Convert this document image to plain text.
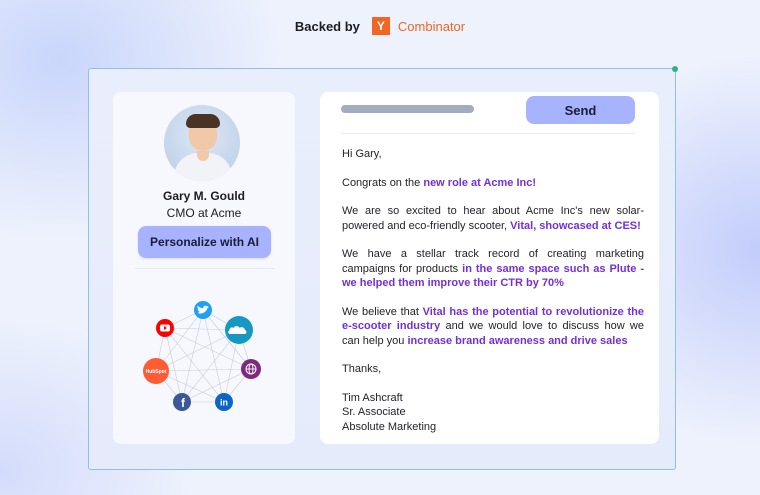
Backed by	Y	Combinator
Gary M. Gould
CMO at Acme
Personalize with AI
in
f
HubSpot
Send

Hi Gary,

Congrats on the new role at Acme Inc!

We are so excited to hear about Acme Inc's new solar-powered and eco-friendly scooter, Vital, showcased at CES!

We have a stellar track record of creating marketing campaigns for products in the same space such as Plute - we helped them improve their CTR by 70%

We believe that Vital has the potential to revolutionize the e-scooter industry and we would love to discuss how we can help you increase brand awareness and drive sales

Thanks,

Tim Ashcraft

Sr. Associate

Absolute Marketing
